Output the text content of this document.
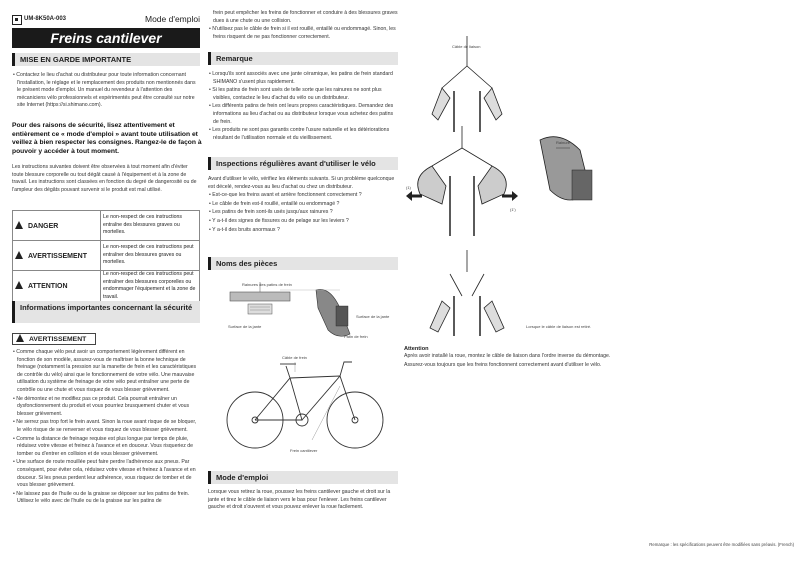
UM-8K50A-003	Mode d'emploi
Freins cantilever
MISE EN GARDE IMPORTANTE

• Contactez le lieu d'achat ou distributeur pour toute information concernant l'installation, le réglage et le remplacement des produits non mentionnés dans le présent mode d'emploi. Un manuel du revendeur à l'attention des mécaniciens vélo professionnels et expérimentés peut être consulté sur notre site Internet (https://si.shimano.com).

Pour des raisons de sécurité, lisez attentivement et entièrement ce « mode d'emploi » avant toute utilisation et veillez à bien respecter les consignes. Rangez-le de façon à pouvoir y accéder à tout moment.
Les instructions suivantes doivent être observées à tout moment afin d'éviter toute blessure corporelle ou tout dégât causé à l'équipement et à la zone de travail. Les instructions sont classées en fonction du degré de dangerosité ou de l'ampleur des dégâts pouvant survenir si le produit est mal utilisé.
DANGER	Le non-respect de ces instructions entraîne des blessures graves ou mortelles.
AVERTISSEMENT	Le non-respect de ces instructions peut entraîner des blessures graves ou mortelles.
ATTENTION	Le non-respect de ces instructions peut entraîner des blessures corporelles ou endommager l'équipement et la zone de travail.
Informations importantes concernant la sécurité
AVERTISSEMENT

• Comme chaque vélo peut avoir un comportement légèrement différent en fonction de son modèle, assurez-vous de maîtriser la bonne technique de freinage (notamment la pression sur la manette de frein et les caractéristiques de contrôle du vélo) ainsi que le fonctionnement de votre vélo. Une mauvaise utilisation du système de freinage de votre vélo peut entraîner une perte de contrôle ou une chute et vous risquez de vous blesser grièvement.

• Ne démontez et ne modifiez pas ce produit. Cela pourrait entraîner un dysfonctionnement du produit et vous pourriez brusquement chuter et vous blesser grièvement.

• Ne serrez pas trop fort le frein avant. Sinon la roue avant risque de se bloquer, le vélo risque de se renverser et vous risquez de vous blesser grièvement.

• Comme la distance de freinage requise est plus longue par temps de pluie, réduisez votre vitesse et freinez à l'avance et en douceur. Vous risqueriez de tomber ou d'entrer en collision et de vous blesser grièvement.

• Une surface de route mouillée peut faire perdre l'adhérence aux pneus. Par conséquent, pour éviter cela, réduisez votre vitesse et freinez à l'avance et en douceur. Si les pneus perdent leur adhérence, vous risquez de tomber et de vous blesser grièvement.

• Ne laissez pas de l'huile ou de la graisse se déposer sur les patins de frein. Utilisez le vélo avec de l'huile ou de la graisse sur les patins de

frein peut empêcher les freins de fonctionner et conduire à des blessures graves dues à une chute ou une collision.

• N'utilisez pas le câble de frein si il est rouillé, entaillé ou endommagé. Sinon, les freins risquent de ne pas fonctionner correctement.

Remarque

• Lorsqu'ils sont associés avec une jante céramique, les patins de frein standard SHIMANO s'usent plus rapidement.

• Si les patins de frein sont usés de telle sorte que les rainures ne sont plus visibles, contactez le lieu d'achat du vélo ou un distributeur.

• Les différents patins de frein ont leurs propres caractéristiques. Demandez des informations au lieu d'achat ou au distributeur lorsque vous achetez des patins de frein.

• Les produits ne sont pas garantis contre l'usure naturelle et les détériorations résultant de l'utilisation normale et du vieillissement.

Inspections régulières avant d'utiliser le vélo

Avant d'utiliser le vélo, vérifiez les éléments suivants. Si un problème quelconque est décelé, rendez-vous au lieu d'achat ou chez un distributeur.

• Est-ce-que les freins avant et arrière fonctionnent correctement ?

• Le câble de frein est-il rouillé, entaillé ou endommagé ?

• Les patins de frein sont-ils usés jusqu'aux rainures ?

• Y a-t-il des signes de fissures ou de pelage sur les leviers ?

• Y a-t-il des bruits anormaux ?

Noms des pièces
Rainures des patins de frein
Surface de la jante
Surface de la jante
Patin de frein
Câble de frein
Frein cantilever
Mode d'emploi
Lorsque vous retirez la roue, poussez les freins cantilever gauche et droit sur la jante et tirez le câble de liaison vers le bas pour l'enlever. Les freins cantilever gauche et droit s'ouvrent et vous pouvez enlever la roue facilement.
Câble de liaison
(1)
(1')
Lorsque le câble de liaison est retiré.
Rainure
Attention

Après avoir installé la roue, montez le câble de liaison dans l'ordre inverse du démontage.

Assurez-vous toujours que les freins fonctionnent correctement avant d'utiliser le vélo.

Remarque : les spécifications peuvent être modifiées sans préavis. (French)
